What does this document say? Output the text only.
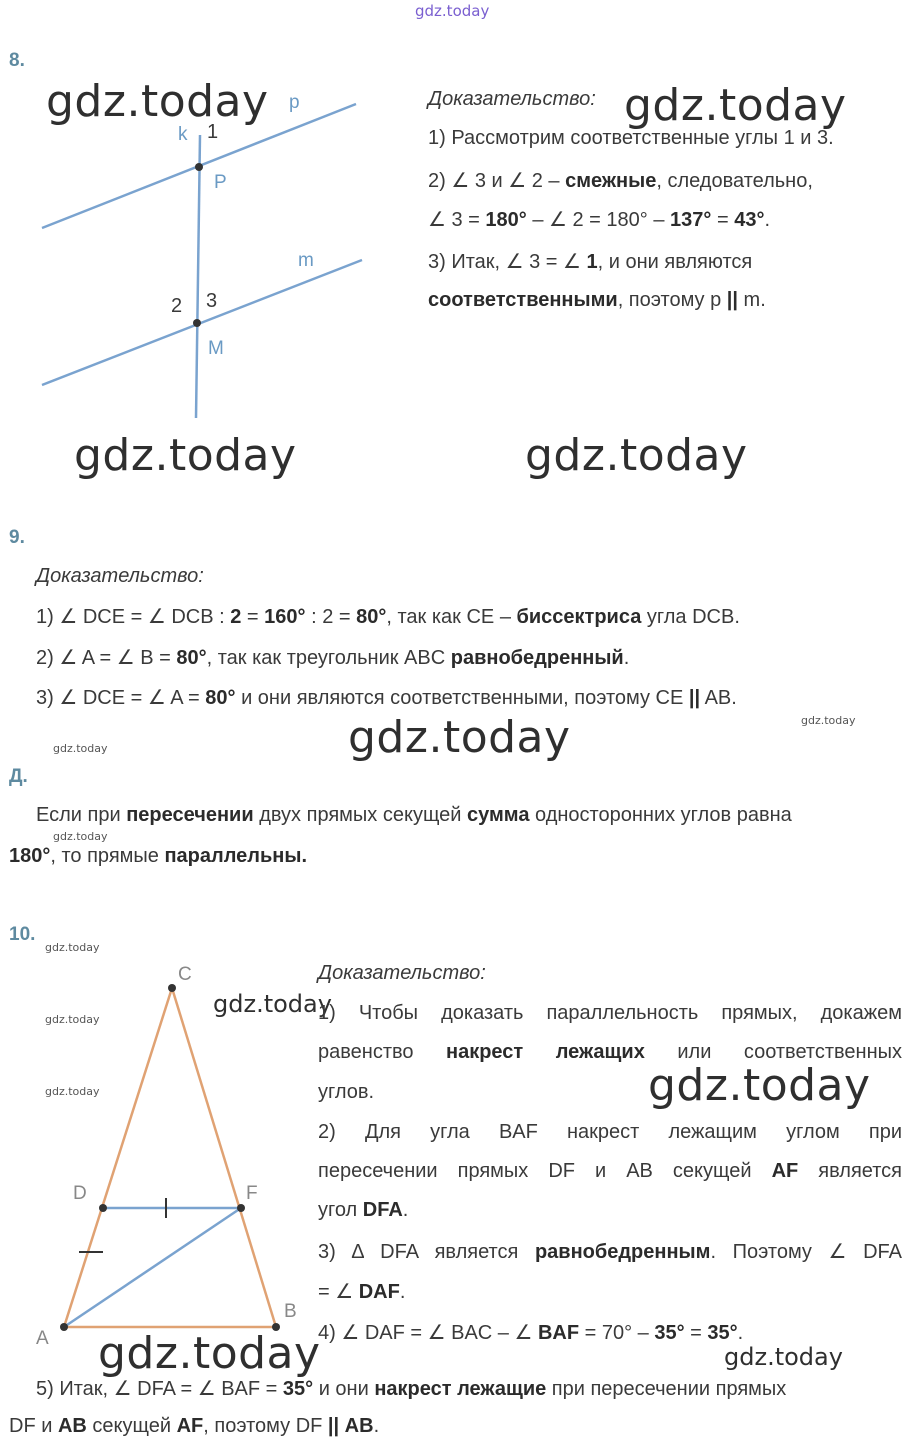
gdz.today
8.
p
k 1
P
m
2 3
M
gdz.today	Доказательство: gdz.today
1) Рассмотрим соответственные углы 1 и 3.
2) ∠ 3 и ∠ 2 – смежные, следовательно,
∠ 3 = 180° – ∠ 2 = 180° – 137° = 43°.
3) Итак, ∠ 3 = ∠ 1, и они являются
соответственными, поэтому p || m.
gdz.today	gdz.today
9.
Доказательство:
1) ∠ DCE = ∠ DCB : 2 = 160° : 2 = 80°, так как CE – биссектриса угла DCB.
2) ∠ A = ∠ B = 80°, так как треугольник ABC равнобедренный.
3) ∠ DCE = ∠ A = 80° и они являются соответственными, поэтому CE || AB.
gdz.today
gdz.today
gdz.today
Д.
Если при пересечении двух прямых секущей сумма односторонних углов равна
gdz.today
180°, то прямые параллельны.
10.
gdz.today
gdz.today
gdz.today
C
D	F
A
B
Доказательство:
gdz.today
1) Чтобы доказать параллельность прямых, докажем
равенство накрест лежащих или соответственных
углов.	gdz.today
2) Для угла BAF накрест лежащим углом при
пересечении прямых DF и AB секущей AF является
угол DFA.
3) Δ DFA является равнобедренным. Поэтому ∠ DFA
= ∠ DAF.
4) ∠ DAF = ∠ BAC – ∠ BAF = 70° – 35° = 35°.
gdz.today	gdz.today
5) Итак, ∠ DFA = ∠ BAF = 35° и они накрест лежащие при пересечении прямых
DF и AB секущей AF, поэтому DF || AB.
